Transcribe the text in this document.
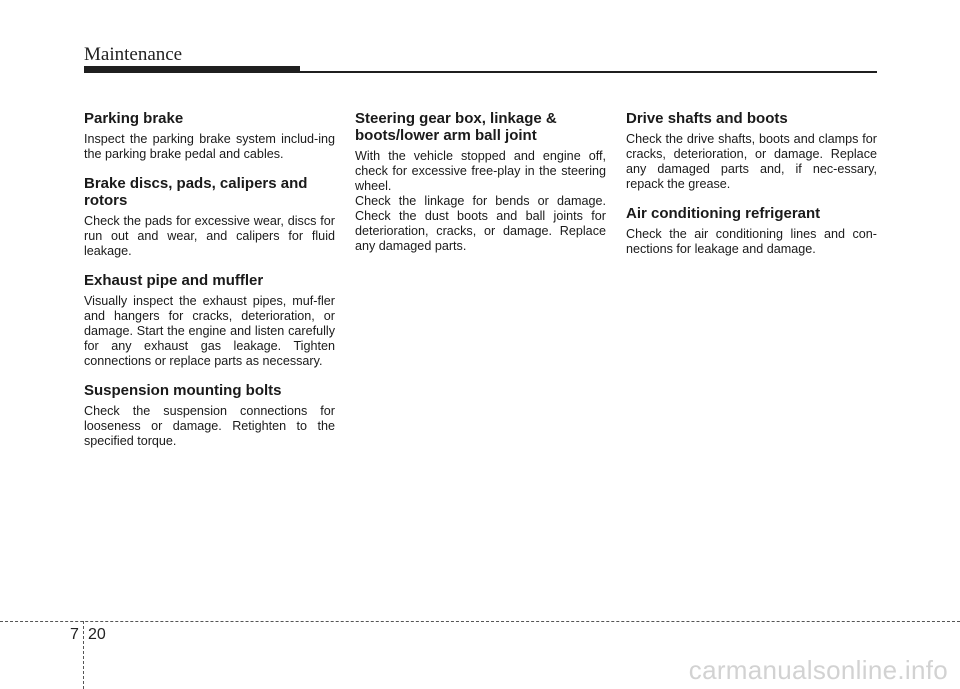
Maintenance
Parking brake

Inspect the parking brake system includ-ing the parking brake pedal and cables.

Brake discs, pads, calipers and rotors

Check the pads for excessive wear, discs for run out and wear, and calipers for fluid leakage.

Exhaust pipe and muffler

Visually inspect the exhaust pipes, muf-fler and hangers for cracks, deterioration, or damage. Start the engine and listen carefully for any exhaust gas leakage. Tighten connections or replace parts as necessary.

Suspension mounting bolts

Check the suspension connections for looseness or damage. Retighten to the specified torque.

Steering gear box, linkage & boots/lower arm ball joint

With the vehicle stopped and engine off, check for excessive free-play in the steering wheel.

Check the linkage for bends or damage. Check the dust boots and ball joints for deterioration, cracks, or damage. Replace any damaged parts.

Drive shafts and boots

Check the drive shafts, boots and clamps for cracks, deterioration, or damage. Replace any damaged parts and, if nec-essary, repack the grease.

Air conditioning refrigerant

Check the air conditioning lines and con-nections for leakage and damage.

7 20
carmanualsonline.info
